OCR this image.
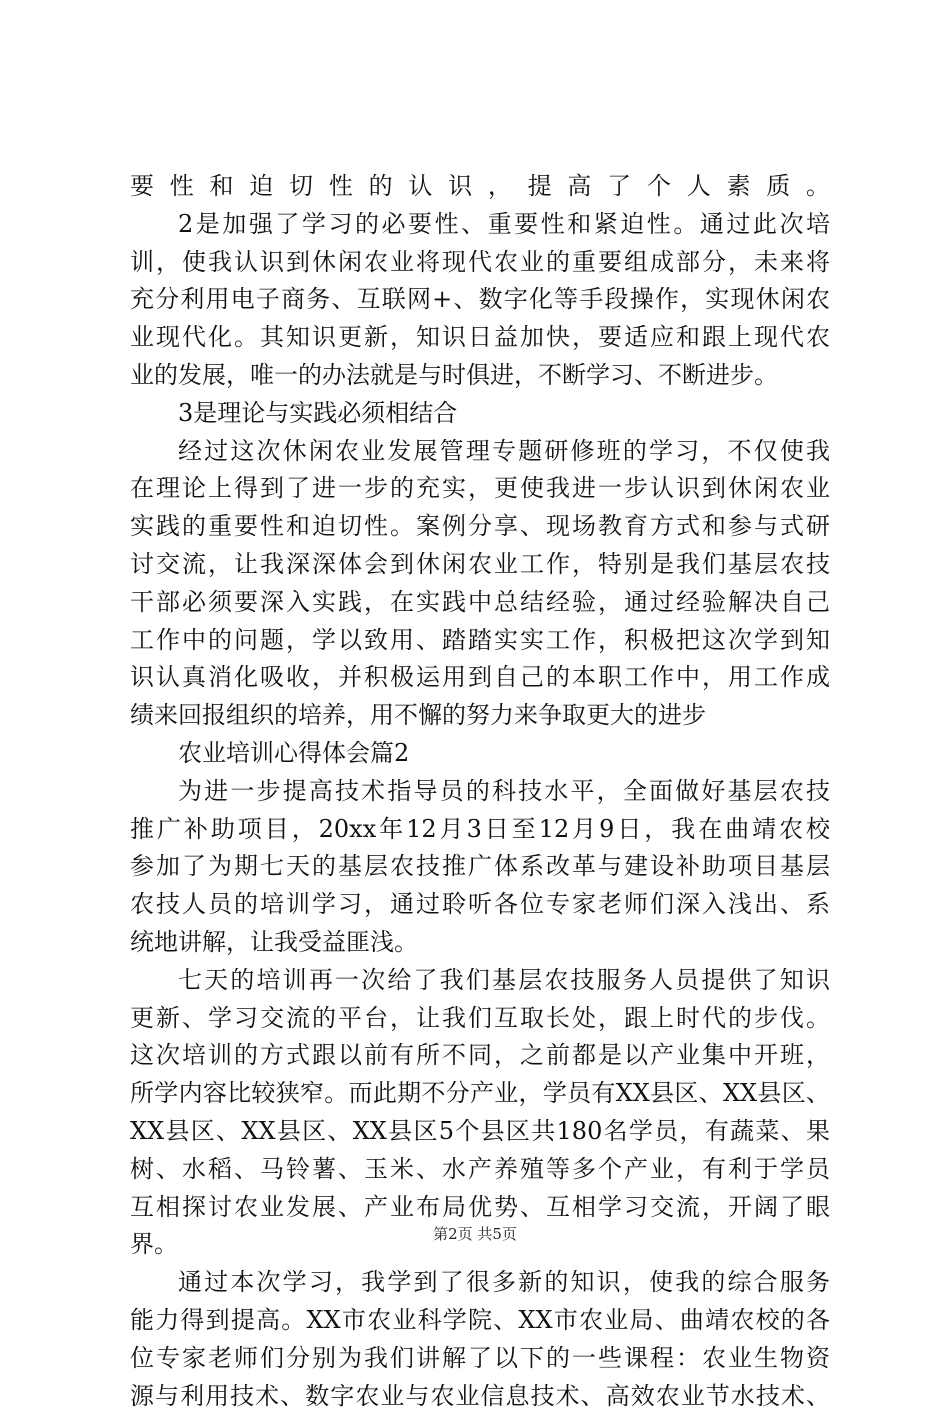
要性和迫切性的认识，提高了个人素质。
2是加强了学习的必要性、重要性和紧迫性。通过此次培
训，使我认识到休闲农业将现代农业的重要组成部分，未来将
充分利用电子商务、互联网+、数字化等手段操作，实现休闲农
业现代化。其知识更新，知识日益加快，要适应和跟上现代农
业的发展，唯一的办法就是与时俱进，不断学习、不断进步。
3是理论与实践必须相结合
经过这次休闲农业发展管理专题研修班的学习，不仅使我
在理论上得到了进一步的充实，更使我进一步认识到休闲农业
实践的重要性和迫切性。案例分享、现场教育方式和参与式研
讨交流，让我深深体会到休闲农业工作，特别是我们基层农技
干部必须要深入实践，在实践中总结经验，通过经验解决自己
工作中的问题，学以致用、踏踏实实工作，积极把这次学到知
识认真消化吸收，并积极运用到自己的本职工作中，用工作成
绩来回报组织的培养，用不懈的努力来争取更大的进步
农业培训心得体会篇2
为进一步提高技术指导员的科技水平，全面做好基层农技
推广补助项目，20xx年12月3日至12月9日，我在曲靖农校
参加了为期七天的基层农技推广体系改革与建设补助项目基层
农技人员的培训学习，通过聆听各位专家老师们深入浅出、系
统地讲解，让我受益匪浅。
七天的培训再一次给了我们基层农技服务人员提供了知识
更新、学习交流的平台，让我们互取长处，跟上时代的步伐。
这次培训的方式跟以前有所不同，之前都是以产业集中开班，
所学内容比较狭窄。而此期不分产业，学员有XX县区、XX县区、
XX县区、XX县区、XX县区5个县区共180名学员，有蔬菜、果
树、水稻、马铃薯、玉米、水产养殖等多个产业，有利于学员
互相探讨农业发展、产业布局优势、互相学习交流，开阔了眼
界。
通过本次学习，我学到了很多新的知识，使我的综合服务
能力得到提高。XX市农业科学院、XX市农业局、曲靖农校的各
位专家老师们分别为我们讲解了以下的一些课程：农业生物资
源与利用技术、数字农业与农业信息技术、高效农业节水技术、
第2页 共5页
